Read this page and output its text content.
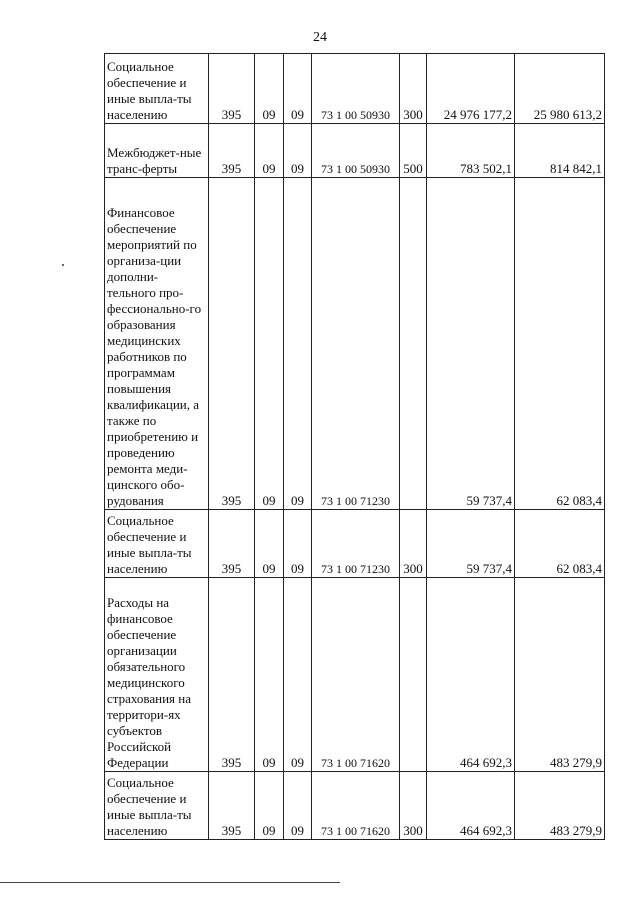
24
Социальное обеспечение и иные выпла-ты населению	395	09	09	73 1 00 50930	300	24 976 177,2	25 980 613,2

Межбюджет-ные транс-ферты	395	09	09	73 1 00 50930	500	783 502,1	814 842,1

Финансовое обеспечение мероприятий по организа-ции дополни-тельного про-фессионально-го образования медицинских работников по программам повышения квалификации, а также по приобретению и проведению ремонта меди-цинского обо-рудования	395	09	09	73 1 00 71230		59 737,4	62 083,4

Социальное обеспечение и иные выпла-ты населению	395	09	09	73 1 00 71230	300	59 737,4	62 083,4

Расходы на финансовое обеспечение организации обязательного медицинского страхования на территори-ях субъектов Российской Федерации	395	09	09	73 1 00 71620		464 692,3	483 279,9

Социальное обеспечение и иные выпла-ты населению	395	09	09	73 1 00 71620	300	464 692,3	483 279,9
